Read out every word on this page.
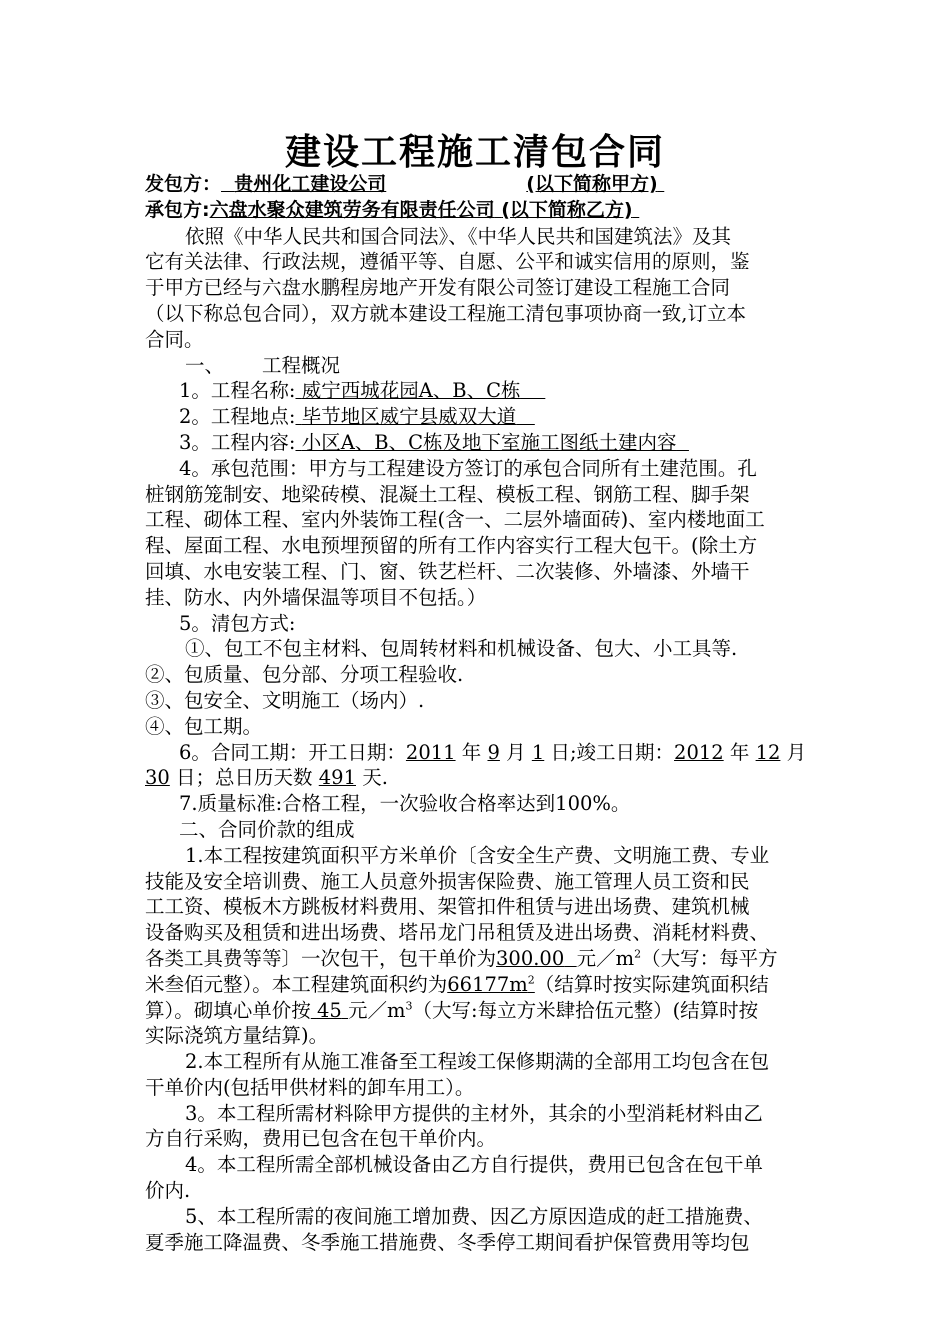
建设工程施工清包合同
发包方： 贵州化工建设公司	(以下简称甲方)
承包方:六盘水聚众建筑劳务有限责任公司 (以下简称乙方)
依照《中华人民共和国合同法》、《中华人民共和国建筑法》及其
它有关法律、行政法规，遵循平等、自愿、公平和诚实信用的原则，鉴
于甲方已经与六盘水鹏程房地产开发有限公司签订建设工程施工合同
（以下称总包合同），双方就本建设工程施工清包事项协商一致,订立本
合同。
一、 工程概况
1。工程名称: 威宁西城花园A、B、C栋
2。工程地点: 毕节地区威宁县威双大道
3。工程内容: 小区A、B、C栋及地下室施工图纸土建内容
4。承包范围：甲方与工程建设方签订的承包合同所有土建范围。孔
桩钢筋笼制安、地梁砖模、混凝土工程、模板工程、钢筋工程、脚手架
工程、砌体工程、室内外装饰工程(含一、二层外墙面砖)、室内楼地面工
程、屋面工程、水电预埋预留的所有工作内容实行工程大包干。(除土方
回填、水电安装工程、门、窗、铁艺栏杆、二次装修、外墙漆、外墙干
挂、防水、内外墙保温等项目不包括。）
5。清包方式:
①、包工不包主材料、包周转材料和机械设备、包大、小工具等.
②、包质量、包分部、分项工程验收.
③、包安全、文明施工（场内）.
④、包工期。
6。合同工期：开工日期：2011 年 9 月 1 日;竣工日期：2012 年 12 月
30 日；总日历天数 491 天.
7.质量标准:合格工程，一次验收合格率达到100%。
二、合同价款的组成
1.本工程按建筑面积平方米单价〔含安全生产费、文明施工费、专业
技能及安全培训费、施工人员意外损害保险费、施工管理人员工资和民
工工资、模板木方跳板材料费用、架管扣件租赁与进出场费、建筑机械
设备购买及租赁和进出场费、塔吊龙门吊租赁及进出场费、消耗材料费、
各类工具费等等〕一次包干，包干单价为300.00 元$/m^2$（大写：每平方
米叁佰元整）。本工程建筑面积约为$66177m^2$（结算时按实际建筑面积结
算）。砌填心单价按 45 元$/m^3$（大写:每立方米肆拾伍元整）(结算时按
实际浇筑方量结算)。
2.本工程所有从施工准备至工程竣工保修期满的全部用工均包含在包
干单价内(包括甲供材料的卸车用工）。
3。本工程所需材料除甲方提供的主材外，其余的小型消耗材料由乙
方自行采购，费用已包含在包干单价内。
4。本工程所需全部机械设备由乙方自行提供，费用已包含在包干单
价内.
5、本工程所需的夜间施工增加费、因乙方原因造成的赶工措施费、
夏季施工降温费、冬季施工措施费、冬季停工期间看护保管费用等均包
